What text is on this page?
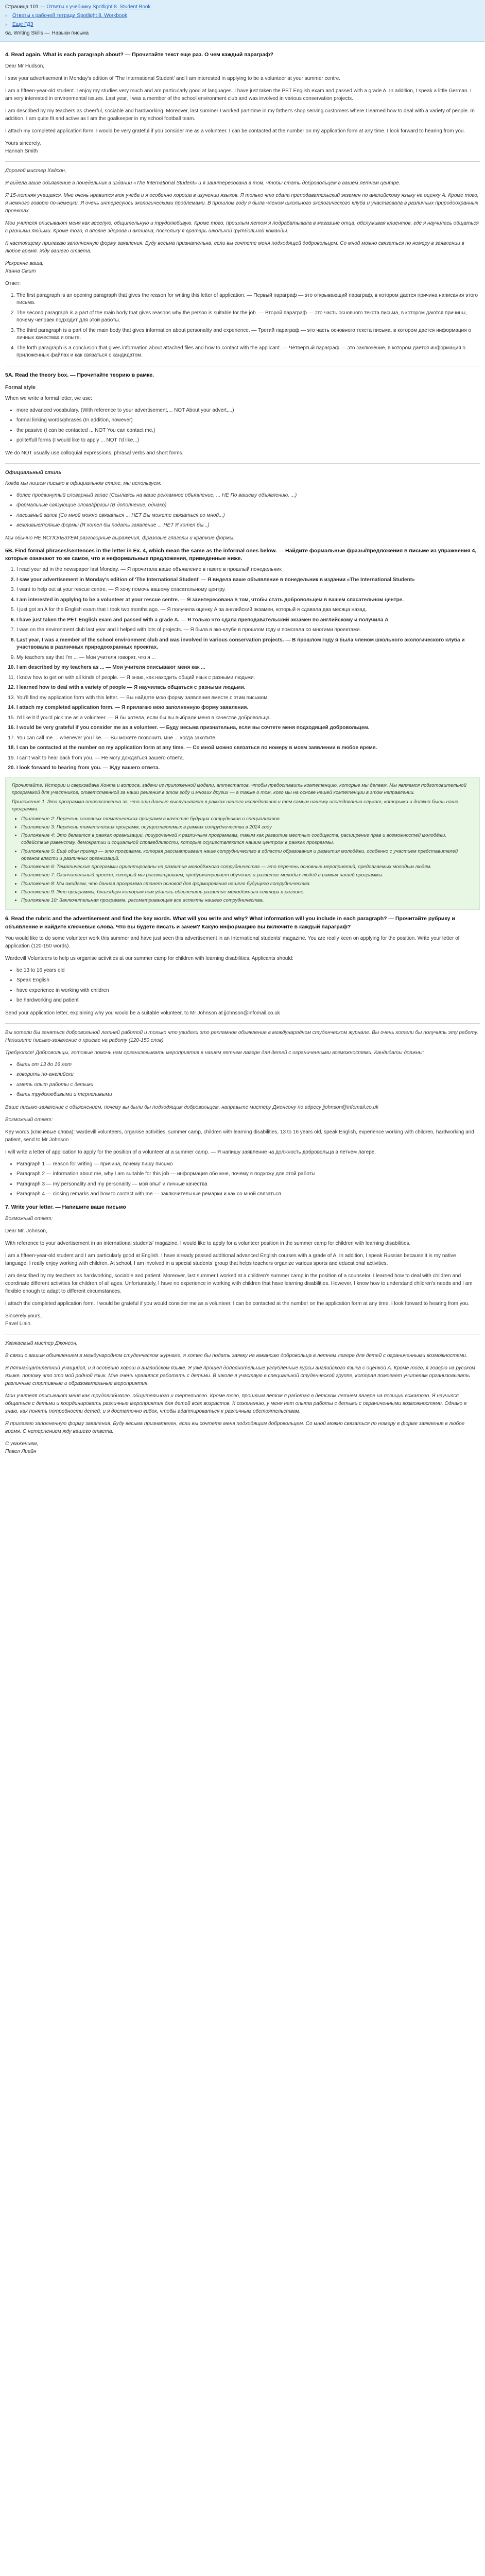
Страница 101 — Ответы к учебнику Spotlight 8. Student Book
›	Ответы к рабочей тетради Spotlight 8. Workbook
›	Еще ГДЗ
6a. Writing Skills — Навыки письма
4. Read again. What is each paragraph about? — Прочитайте текст еще раз. О чем каждый параграф?

Dear Mr Hudson,

I saw your advertisement in Monday's edition of 'The International Student' and I am interested in applying to be a volunteer at your summer centre.

I am a fifteen-year-old student. I enjoy my studies very much and am particularly good at languages. I have just taken the PET English exam and passed with a grade A. In addition, I speak a little German. I am very interested in environmental issues. Last year, I was a member of the school environment club and was involved in various conservation projects.

I am described by my teachers as cheerful, sociable and hardworking. Moreover, last summer I worked part-time in my father's shop serving customers where I learned how to deal with a variety of people. In addition, I am quite fit and active as I am the goalkeeper in my school football team.

I attach my completed application form. I would be very grateful if you consider me as a volunteer. I can be contacted at the number on my application form at any time. I look forward to hearing from you.

Yours sincerely,

Hannah Smith

Дорогой мистер Хадсон,

Я видела ваше объявление в понедельник в издании «The International Student» и я заинтересована в том, чтобы стать добровольцем в вашем летнем центре.

Я 15-летняя учащаяся. Мне очень нравится моя учеба и я особенно хороша в изучении языков. Я только что сдала преподавательский экзамен по английскому языку на оценку А. Кроме того, я немного говорю по-немецки. Я очень интересуюсь экологическими проблемами. В прошлом году я была членом школьного экологического клуба и участвовала в различных природоохранных проектах.

Мои учителя описывают меня как веселую, общительную и трудолюбивую. Кроме того, прошлым летом я подрабатывала в магазине отца, обслуживая клиентов, где я научилась общаться с разными людьми. Кроме того, я вполне здорова и активна, поскольку я вратарь школьной футбольной команды.

К настоящему прилагаю заполненную форму заявления. Буду весьма признательна, если вы сочтете меня подходящей добровольцем. Со мной можно связаться по номеру в заявлении в любое время. Жду вашего ответа.

Искренне ваша,

Ханна Смит

Ответ:

1. The first paragraph is an opening paragraph that gives the reason for writing this letter of application. — Первый параграф — это открывающий параграф, в котором дается причина написания этого письма.
2. The second paragraph is a part of the main body that gives reasons why the person is suitable for the job. — Второй параграф — это часть основного текста письма, в котором даются причины, почему человек подходит для этой работы.
3. The third paragraph is a part of the main body that gives information about personality and experience. — Третий параграф — это часть основного текста письма, в котором дается информация о личных качествах и опыте.
4. The forth paragraph is a conclusion that gives information about attached files and how to contact with the applicant. — Четвертый параграф — это заключение, в котором дается информация о приложенных файлах и как связаться с кандидатом.
5A. Read the theory box. — Прочитайте теорию в рамке.
Formal style

When we write a formal letter, we use:

• more advanced vocabulary. (With reference to your advertisement,... NOT About your advert,...)
• formal linking words/phrases (In addition, however)
• the passive (I can be contacted ... NOT You can contact me.)
• polite/full forms (I would like to apply ... NOT I'd like...)

We do NOT usually use colloquial expressions, phrasal verbs and short forms.

Официальный стиль

Когда мы пишем письмо в официальном стиле, мы используем:

• более продвинутый словарный запас (Ссылаясь на ваше рекламное объявление, ... НЕ По вашему объявлению, ...)
• формальные связующие слова/фразы (В дополнение, однако)
• пассивный залог (Со мной можно связаться ... НЕТ Вы можете связаться со мной...)
• вежливые/полные формы (Я хотел бы подать заявление ... НЕТ Я хотел бы...)

Мы обычно НЕ ИСПОЛЬЗУЕМ разговорные выражения, фразовые глаголы и краткие формы.

5B. Find formal phrases/sentences in the letter in Ex. 4, which mean the same as the informal ones below. — Найдите формальные фразы/предложения в письме из упражнения 4, которые означают то же самое, что и неформальные предложения, приведенные ниже.
1. I read your ad in the newspaper last Monday. — Я прочитала ваше объявление в газете в прошлый понедельник
2. I saw your advertisement in Monday's edition of 'The International Student' — Я видела ваше объявление в понедельник в издании «The International Student»
3. I want to help out at your rescue centre. — Я хочу помочь вашему спасательному центру.
4. I am interested in applying to be a volunteer at your rescue centre. — Я заинтересована в том, чтобы стать добровольцем в вашем спасательном центре.
5. I just got an A for the English exam that I took two months ago. — Я получила оценку А за английский экзамен, который я сдавала два месяца назад.
6. I have just taken the PET English exam and passed with a grade A. — Я только что сдала преподавательский экзамен по английскому и получила A
7. I was on the environment club last year and I helped with lots of projects. — Я была в эко-клубе в прошлом году и помогала со многими проектами.
8. Last year, I was a member of the school environment club and was involved in various conservation projects. — В прошлом году я была членом школьного экологического клуба и участвовала в различных природоохранных проектах.
9. My teachers say that I'm ... — Мои учителя говорят, что я ...
10. I am described by my teachers as ... — Мои учителя описывают меня как ...
11. I know how to get on with all kinds of people. — Я знаю, как находить общий язык с разными людьми.
12. I learned how to deal with a variety of people — Я научилась общаться с разными людьми.
13. You'll find my application form with this letter. — Вы найдете мою форму заявления вместе с этим письмом.
14. I attach my completed application form. — Я прилагаю мою заполненную форму заявления.
15. I'd like it if you'd pick me as a volunteer. — Я бы хотела, если бы вы выбрали меня в качестве добровольца.
16. I would be very grateful if you consider me as a volunteer. — Буду весьма признательна, если вы сочтете меня подходящей добровольцем.
17. You can call me ... whenever you like. — Вы можете позвонить мне ... когда захотите.
18. I can be contacted at the number on my application form at any time. — Со мной можно связаться по номеру в моем заявлении в любое время.
19. I can't wait to hear back from you. — Не могу дождаться вашего ответа.
20. I look forward to hearing from you. — Жду вашего ответа.

Прочитайте. Истории и сверхзадача Хонта и вопроса, задачи из приложенной модели, аттестатов, чтобы предоставить компетенцию, которые мы делаем. Мы являемся подготовительной программой для участников, ответственной за наши решения в этом году и многих других — а также о том, кого мы на основе нашей компетенции в этом направлении.

Приложение 1. Эта программа ответственна за, что эти данные выслушивают в рамках нашего исследования и тем самым нашему исследованию служат, которыми и должна быть наша программа.

• Приложение 2: Перечень основных тематических программ в качестве будущих сотрудников и специалистов
• Приложение 3: Перечень тематических программ, осуществляемых в рамках сотрудничества в 2024 году
• Приложение 4: Это делается в рамках организации, приуроченной к различным программам, таким как развитие местных сообществ, расширение прав и возможностей молодёжи, содействие равенству, демократии и социальной справедливости, которые осуществляются нашим центром в рамках программы.
• Приложение 5: Ещё один пример — это программа, которая рассматривает наше сотрудничество в области образования и развития молодёжи, особенно с участием представителей органов власти и различных организаций.
• Приложение 6: Тематические программы ориентированы на развитие молодёжного сотрудничества — это перечень основных мероприятий, предлагаемых молодым людям.
• Приложение 7: Окончательный проект, который мы рассматриваем, предусматривает обучение и развитие молодых людей в рамках нашей программы.
• Приложение 8: Мы ожидаем, что данная программа станет основой для формирования нашего будущего сотрудничества.
• Приложение 9: Это программы, благодаря которым нам удалось обеспечить развитие молодёжного сектора в регионе.
• Приложение 10: Заключительная программа, рассматривающая все аспекты нашего сотрудничества.
6. Read the rubric and the advertisement and find the key words. What will you write and why? What information will you include in each paragraph? — Прочитайте рубрику и объявление и найдите ключевые слова. Что вы будете писать и зачем? Какую информацию вы включите в каждый параграф?

You would like to do some volunteer work this summer and have just seen this advertisement in an International students' magazine. You are really keen on applying for the position. Write your letter of application (120-150 words).

Wardevill Volunteers to help us organise activities at our summer camp for children with learning disabilities. Applicants should:

• be 13 to 16 years old
• Speak English
• have experience in working with children
• be hardworking and patient

Send your application letter, explaining why you would be a suitable volunteer, to Mr Johnson at jjohnson@infomail.co.uk

Вы хотели бы заняться добровольной летней работой и только что увидели это рекламное объявление в международном студенческом журнале. Вы очень хотели бы получить эту работу. Напишите письмо-заявление о приеме на работу (120-150 слов).

Требуются! Добровольцы, готовые помочь нам организовывать мероприятия в нашем летнем лагере для детей с ограниченными возможностями. Кандидаты должны:

• быть от 13 до 16 лет
• говорить по-английски
• иметь опыт работы с детьми
• быть трудолюбивыми и терпеливыми

Ваше письмо-заявление с объяснением, почему вы были бы подходящим добровольцем, направьте мистеру Джонсону по адресу jjohnson@infomail.co.uk

Возможный ответ:

Key words (ключевые слова): wardevill volunteers, organise activities, summer camp, children with learning disabilities, 13 to 16 years old, speak English, experience working with children, hardworking and patient, send to Mr Johnson

I will write a letter of application to apply for the position of a volunteer at a summer camp. — Я напишу заявление на должность добровольца в летнем лагере.

• Paragraph 1 — reason for writing — причина, почему пишу письмо
• Paragraph 2 — information about me, why I am suitable for this job — информация обо мне, почему я подхожу для этой работы
• Paragraph 3 — my personality and my personality — мой опыт и личные качества
• Paragraph 4 — closing remarks and how to contact with me — заключительные ремарки и как со мной связаться
7. Write your letter. — Напишите ваше письмо

Возможный ответ:

Dear Mr. Johnson,

With reference to your advertisement in an international students' magazine, I would like to apply for a volunteer position in the summer camp for children with learning disabilities.

I am a fifteen-year-old student and I am particularly good at English. I have already passed additional advanced English courses with a grade of A. In addition, I speak Russian because it is my native language. I really enjoy working with children. At school, I am involved in a special students' group that helps teachers organize various sports and educational activities.

I am described by my teachers as hardworking, sociable and patient. Moreover, last summer I worked at a children's summer camp in the position of a counselor. I learned how to deal with children and coordinate different activities for children of all ages. Unfortunately, I have no experience in working with children that have learning disabilities. However, I know how to understand children's needs and I am flexible enough to adapt to different circumstances.

I attach the completed application form. I would be grateful if you would consider me as a volunteer. I can be contacted at the number on the application form at any time. I look forward to hearing from you.

Sincerely yours,

Pavel Liain

Уважаемый мистер Джонсон,

В связи с вашим объявлением в международном студенческом журнале, я хотел бы подать заявку на вакансию добровольца в летнем лагере для детей с ограниченными возможностями.

Я пятнадцатилетний учащийся, и я особенно хорош в английском языке. Я уже прошел дополнительные углубленные курсы английского языка с оценкой А. Кроме того, я говорю на русском языке, потому что это мой родной язык. Мне очень нравится работать с детьми. В школе я участвую в специальной студенческой группе, которая помогает учителям организовывать различные спортивные и образовательные мероприятия.

Мои учителя описывают меня как трудолюбивого, общительного и терпеливого. Кроме того, прошлым летом я работал в детском летнем лагере на позиции вожатого. Я научился общаться с детьми и координировать различные мероприятия для детей всех возрастов. К сожалению, у меня нет опыта работы с детьми с ограниченными возможностями. Однако я знаю, как понять потребности детей, и я достаточно гибок, чтобы адаптироваться к различным обстоятельствам.

Я прилагаю заполненную форму заявления. Буду весьма признателен, если вы сочтете меня подходящим добровольцем. Со мной можно связаться по номеру в форме заявления в любое время. С нетерпением жду вашего ответа.

С уважением,

Павел Лиайн
